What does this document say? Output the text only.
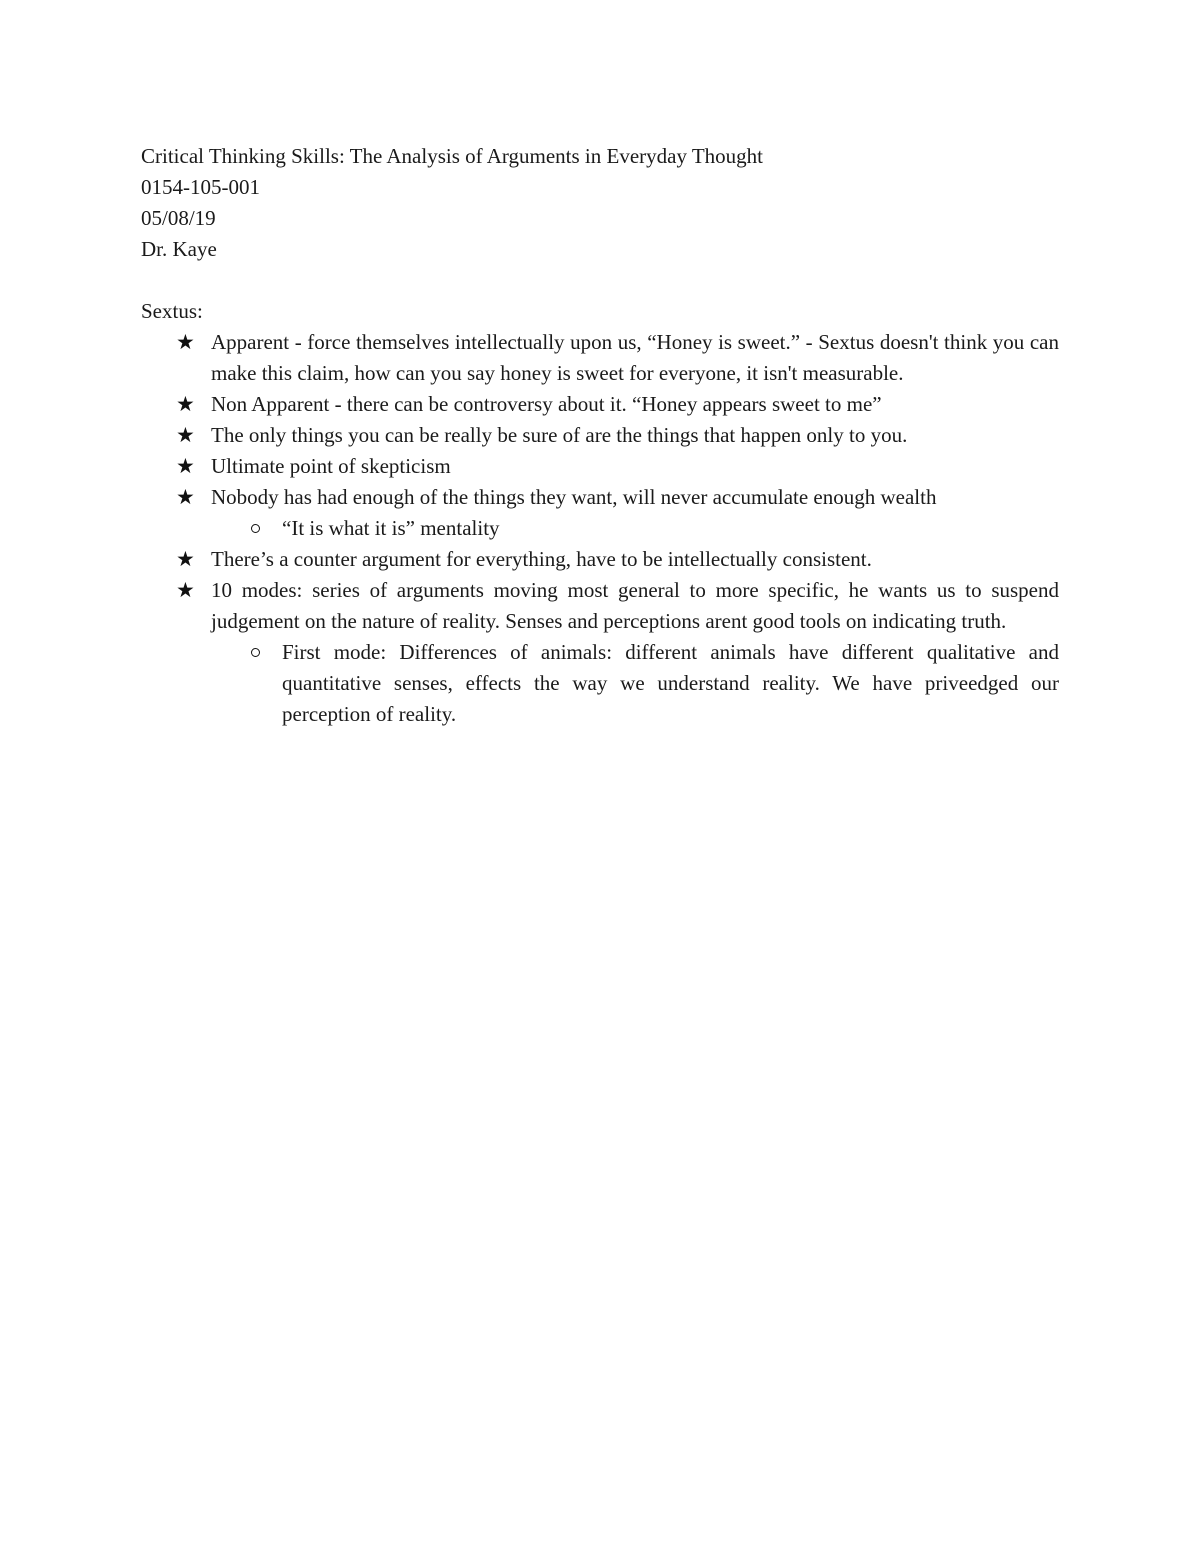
Critical Thinking Skills: The Analysis of Arguments in Everyday Thought
0154-105-001
05/08/19
Dr. Kaye
Sextus:
★ Apparent - force themselves intellectually upon us, “Honey is sweet.” - Sextus doesn't think you can make this claim, how can you say honey is sweet for everyone, it isn't measurable.
★ Non Apparent - there can be controversy about it. “Honey appears sweet to me”
★ The only things you can be really be sure of are the things that happen only to you.
★ Ultimate point of skepticism
★ Nobody has had enough of the things they want, will never accumulate enough wealth
“It is what it is” mentality
★ There’s a counter argument for everything, have to be intellectually consistent.
★ 10 modes: series of arguments moving most general to more specific, he wants us to suspend judgement on the nature of reality. Senses and perceptions arent good tools on indicating truth.
First mode: Differences of animals: different animals have different qualitative and quantitative senses, effects the way we understand reality. We have priveedged our perception of reality.
